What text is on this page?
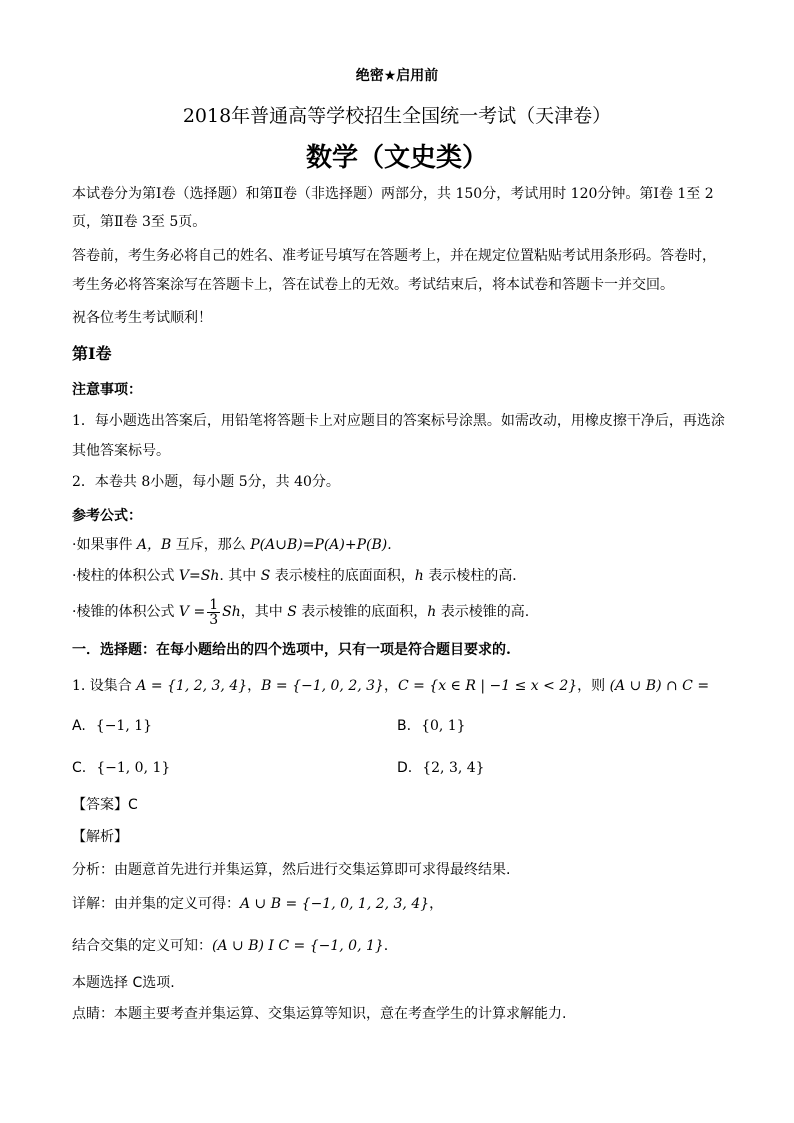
绝密★启用前
2018年普通高等学校招生全国统一考试（天津卷）
数学（文史类）
本试卷分为第Ⅰ卷（选择题）和第Ⅱ卷（非选择题）两部分，共 150分，考试用时 120分钟。第Ⅰ卷 1至 2
页，第Ⅱ卷 3至 5页。
答卷前，考生务必将自己的姓名、准考证号填写在答题考上，并在规定位置粘贴考试用条形码。答卷时，
考生务必将答案涂写在答题卡上，答在试卷上的无效。考试结束后，将本试卷和答题卡一并交回。
祝各位考生考试顺利！
第Ⅰ卷
注意事项：
1．每小题选出答案后，用铅笔将答题卡上对应题目的答案标号涂黑。如需改动，用橡皮擦干净后，再选涂
其他答案标号。
2．本卷共 8小题，每小题 5分，共 40分。
参考公式：
·如果事件 A，B 互斥，那么 P(A∪B)=P(A)+P(B).
·棱柱的体积公式 V=Sh. 其中 S 表示棱柱的底面面积，h 表示棱柱的高．
·棱锥的体积公式 $V = \frac{1}{3}$ Sh，其中 S 表示棱锥的底面积，h 表示棱锥的高.
一．选择题：在每小题给出的四个选项中，只有一项是符合题目要求的.
1. 设集合 A = {1, 2, 3, 4}，B = {−1, 0, 2, 3}，C = {x ∈ R | −1 ≤ x < 2}，则 (A ∪ B) ∩ C =
A. {−1, 1}	B. {0, 1}
C. {−1, 0, 1}	D. {2, 3, 4}
【答案】C
【解析】
分析：由题意首先进行并集运算，然后进行交集运算即可求得最终结果.
详解：由并集的定义可得：A ∪ B = {−1, 0, 1, 2, 3, 4}，
结合交集的定义可知：(A ∪ B) I C = {−1, 0, 1}.
本题选择 C选项.
点睛：本题主要考查并集运算、交集运算等知识，意在考查学生的计算求解能力.
